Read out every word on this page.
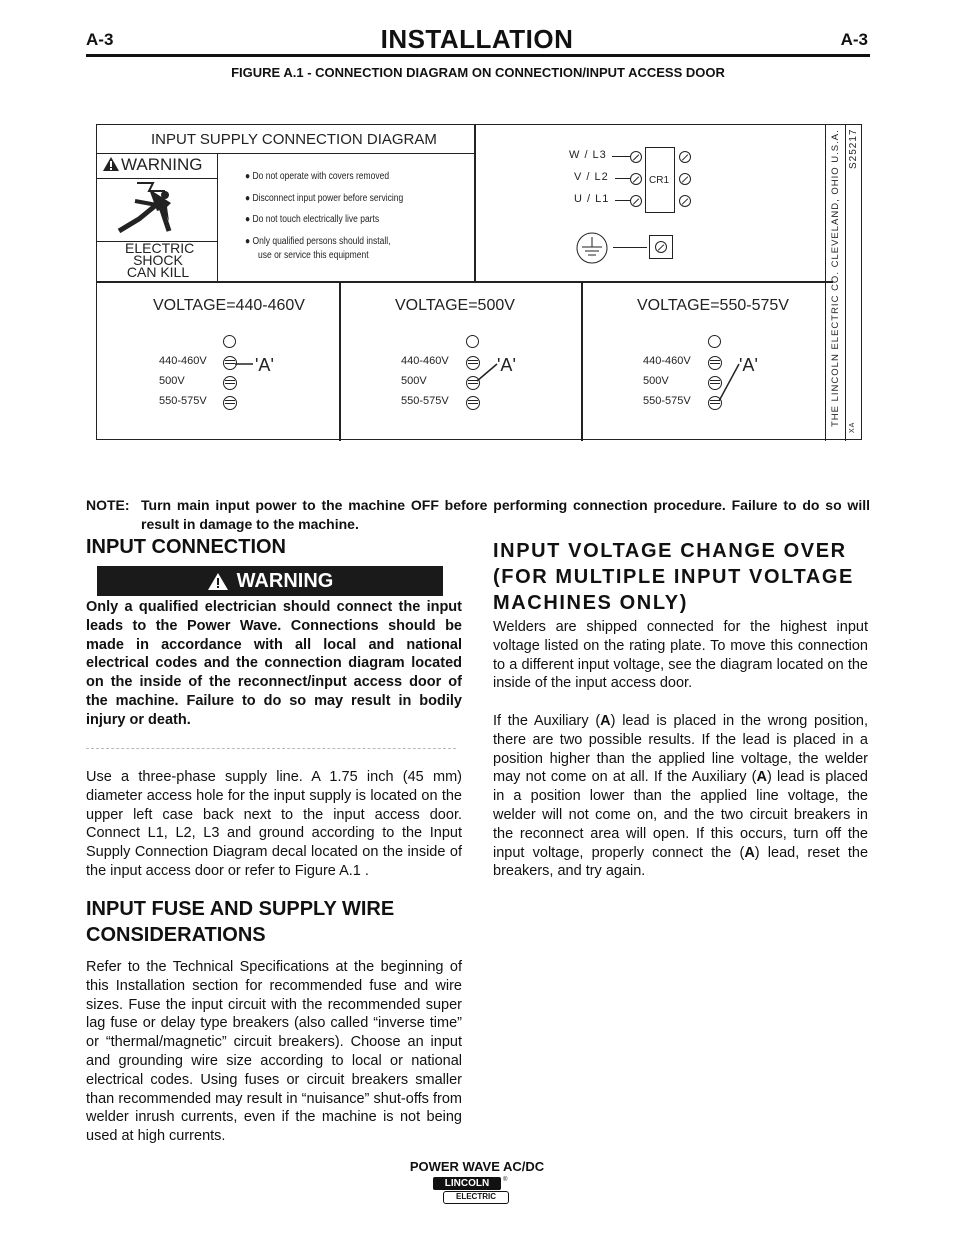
A-3	INSTALLATION	A-3
FIGURE A.1 - CONNECTION DIAGRAM ON CONNECTION/INPUT ACCESS DOOR
INPUT SUPPLY CONNECTION DIAGRAM
WARNING
ELECTRIC
SHOCK
CAN KILL
● Do not operate with covers removed
● Disconnect input power before servicing
● Do not touch electrically live parts
● Only qualified persons should install,
use or service this equipment
W / L3
V / L2
U / L1
CR1	THE LINCOLN ELECTRIC CO. CLEVELAND, OHIO U.S.A. S25217
XA
VOLTAGE=440-460V
440-460V
500V
550-575V
'A'
VOLTAGE=500V
440-460V
500V
550-575V
'A'
VOLTAGE=550-575V
440-460V
500V
550-575V
'A'
NOTE: Turn main input power to the machine OFF before performing connection procedure. Failure to do so will result in damage to the machine.
INPUT CONNECTION
WARNING
Only a qualified electrician should connect the input leads to the Power Wave. Connections should be made in accordance with all local and national electrical codes and the connection diagram located on the inside of the reconnect/input access door of the machine. Failure to do so may result in bodily injury or death.
Use a three-phase supply line. A 1.75 inch (45 mm) diameter access hole for the input supply is located on the upper left case back next to the input access door. Connect L1, L2, L3 and ground according to the Input Supply Connection Diagram decal located on the inside of the input access door or refer to Figure A.1 .
INPUT FUSE AND SUPPLY WIRE
CONSIDERATIONS
Refer to the Technical Specifications at the beginning of this Installation section for recommended fuse and wire sizes. Fuse the input circuit with the recommended super lag fuse or delay type breakers (also called “inverse time” or “thermal/magnetic” circuit breakers). Choose an input and grounding wire size according to local or national electrical codes. Using fuses or circuit breakers smaller than recommended may result in “nuisance” shut-offs from welder inrush currents, even if the machine is not being used at high currents.
INPUT VOLTAGE CHANGE OVER
(FOR MULTIPLE INPUT VOLTAGE
MACHINES ONLY)
Welders are shipped connected for the highest input voltage listed on the rating plate. To move this connection to a different input voltage, see the diagram located on the inside of the input access door.
If the Auxiliary (A) lead is placed in the wrong position, there are two possible results. If the lead is placed in a position higher than the applied line voltage, the welder may not come on at all. If the Auxiliary (A) lead is placed in a position lower than the applied line voltage, the welder will not come on, and the two circuit breakers in the reconnect area will open. If this occurs, turn off the input voltage, properly connect the (A) lead, reset the breakers, and try again.
POWER WAVE AC/DC
LINCOLN	®
ELECTRIC
